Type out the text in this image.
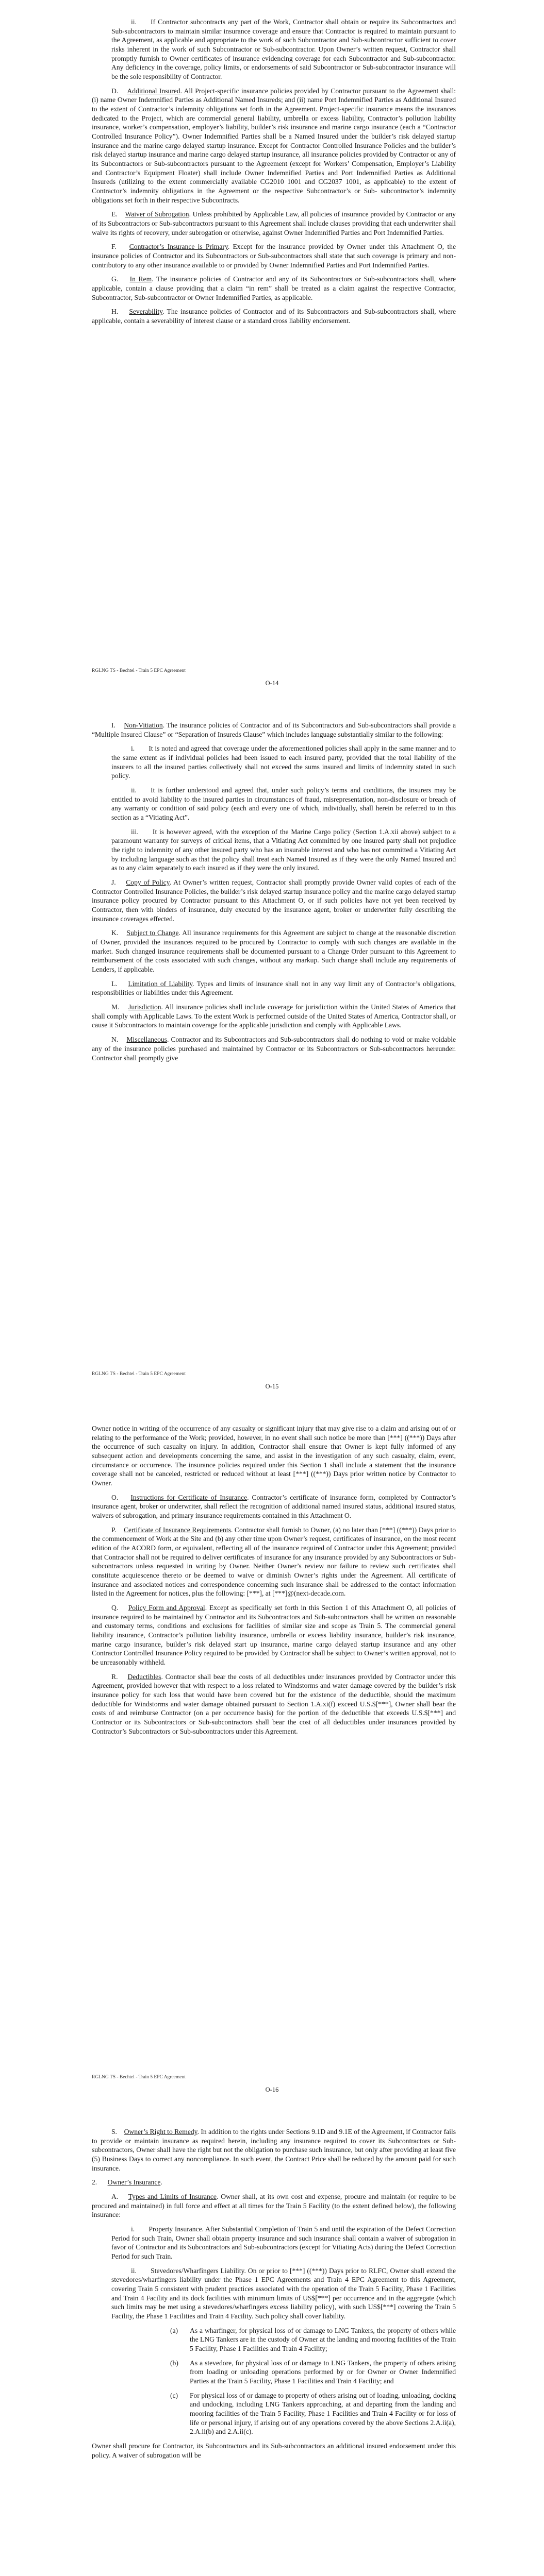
ii.  If Contractor subcontracts any part of the Work, Contractor shall obtain or require its Subcontractors and Sub-subcontractors to maintain similar insurance coverage and ensure that Contractor is required to maintain pursuant to the Agreement, as applicable and appropriate to the work of such Subcontractor and Sub-subcontractor sufficient to cover risks inherent in the work of such Subcontractor or Sub-subcontractor. Upon Owner’s written request, Contractor shall promptly furnish to Owner certificates of insurance evidencing coverage for each Subcontractor and Sub-subcontractor. Any deficiency in the coverage, policy limits, or endorsements of said Subcontractor or Sub-subcontractor insurance will be the sole responsibility of Contractor.
D. Additional Insured. All Project-specific insurance policies provided by Contractor pursuant to the Agreement shall: (i) name Owner Indemnified Parties as Additional Named Insureds; and (ii) name Port Indemnified Parties as Additional Insured to the extent of Contractor’s indemnity obligations set forth in the Agreement. Project-specific insurance means the insurances dedicated to the Project, which are commercial general liability, umbrella or excess liability, Contractor’s pollution liability insurance, worker’s compensation, employer’s liability, builder’s risk insurance and marine cargo insurance (each a “Contractor Controlled Insurance Policy”). Owner Indemnified Parties shall be a Named Insured under the builder’s risk delayed startup insurance and the marine cargo delayed startup insurance. Except for Contractor Controlled Insurance Policies and the builder’s risk delayed startup insurance and marine cargo delayed startup insurance, all insurance policies provided by Contractor or any of its Subcontractors or Sub-subcontractors pursuant to the Agreement (except for Workers’ Compensation, Employer’s Liability and Contractor’s Equipment Floater) shall include Owner Indemnified Parties and Port Indemnified Parties as Additional Insureds (utilizing to the extent commercially available CG2010 1001 and CG2037 1001, as applicable) to the extent of Contractor’s indemnity obligations in the Agreement or the respective Subcontractor’s or Sub- subcontractor’s indemnity obligations set forth in their respective Subcontracts.
E. Waiver of Subrogation. Unless prohibited by Applicable Law, all policies of insurance provided by Contractor or any of its Subcontractors or Sub-subcontractors pursuant to this Agreement shall include clauses providing that each underwriter shall waive its rights of recovery, under subrogation or otherwise, against Owner Indemnified Parties and Port Indemnified Parties.
F. Contractor’s Insurance is Primary. Except for the insurance provided by Owner under this Attachment O, the insurance policies of Contractor and its Subcontractors or Sub-subcontractors shall state that such coverage is primary and non-contributory to any other insurance available to or provided by Owner Indemnified Parties and Port Indemnified Parties.
G. In Rem. The insurance policies of Contractor and any of its Subcontractors or Sub-subcontractors shall, where applicable, contain a clause providing that a claim “in rem” shall be treated as a claim against the respective Contractor, Subcontractor, Sub-subcontractor or Owner Indemnified Parties, as applicable.
H. Severability. The insurance policies of Contractor and of its Subcontractors and Sub-subcontractors shall, where applicable, contain a severability of interest clause or a standard cross liability endorsement.
RGLNG TS - Bechtel - Train 5 EPC Agreement
O-14
I. Non-Vitiation. The insurance policies of Contractor and of its Subcontractors and Sub-subcontractors shall provide a “Multiple Insured Clause” or “Separation of Insureds Clause” which includes language substantially similar to the following:
i.  It is noted and agreed that coverage under the aforementioned policies shall apply in the same manner and to the same extent as if individual policies had been issued to each insured party, provided that the total liability of the insurers to all the insured parties collectively shall not exceed the sums insured and limits of indemnity stated in such policy.
ii.  It is further understood and agreed that, under such policy’s terms and conditions, the insurers may be entitled to avoid liability to the insured parties in circumstances of fraud, misrepresentation, non-disclosure or breach of any warranty or condition of said policy (each and every one of which, individually, shall herein be referred to in this section as a “Vitiating Act”.
iii.  It is however agreed, with the exception of the Marine Cargo policy (Section 1.A.xii above) subject to a paramount warranty for surveys of critical items, that a Vitiating Act committed by one insured party shall not prejudice the right to indemnity of any other insured party who has an insurable interest and who has not committed a Vitiating Act by including language such as that the policy shall treat each Named Insured as if they were the only Named Insured and as to any claim separately to each insured as if they were the only insured.
J. Copy of Policy. At Owner’s written request, Contractor shall promptly provide Owner valid copies of each of the Contractor Controlled Insurance Policies, the builder’s risk delayed startup insurance policy and the marine cargo delayed startup insurance policy procured by Contractor pursuant to this Attachment O, or if such policies have not yet been received by Contractor, then with binders of insurance, duly executed by the insurance agent, broker or underwriter fully describing the insurance coverages effected.
K. Subject to Change. All insurance requirements for this Agreement are subject to change at the reasonable discretion of Owner, provided the insurances required to be procured by Contractor to comply with such changes are available in the market. Such changed insurance requirements shall be documented pursuant to a Change Order pursuant to this Agreement to reimbursement of the costs associated with such changes, without any markup. Such change shall include any requirements of Lenders, if applicable.
L. Limitation of Liability. Types and limits of insurance shall not in any way limit any of Contractor’s obligations, responsibilities or liabilities under this Agreement.
M. Jurisdiction. All insurance policies shall include coverage for jurisdiction within the United States of America that shall comply with Applicable Laws. To the extent Work is performed outside of the United States of America, Contractor shall, or cause it Subcontractors to maintain coverage for the applicable jurisdiction and comply with Applicable Laws.
N. Miscellaneous. Contractor and its Subcontractors and Sub-subcontractors shall do nothing to void or make voidable any of the insurance policies purchased and maintained by Contractor or its Subcontractors or Sub-subcontractors hereunder. Contractor shall promptly give
RGLNG TS - Bechtel - Train 5 EPC Agreement
O-15
Owner notice in writing of the occurrence of any casualty or significant injury that may give rise to a claim and arising out of or relating to the performance of the Work; provided, however, in no event shall such notice be more than [***] ((***)) Days after the occurrence of such casualty on injury. In addition, Contractor shall ensure that Owner is kept fully informed of any subsequent action and developments concerning the same, and assist in the investigation of any such casualty, claim, event, circumstance or occurrence. The insurance policies required under this Section 1 shall include a statement that the insurance coverage shall not be canceled, restricted or reduced without at least [***] ((***)) Days prior written notice by Contractor to Owner.
O. Instructions for Certificate of Insurance. Contractor’s certificate of insurance form, completed by Contractor’s insurance agent, broker or underwriter, shall reflect the recognition of additional named insured status, additional insured status, waivers of subrogation, and primary insurance requirements contained in this Attachment O.
P. Certificate of Insurance Requirements. Contractor shall furnish to Owner, (a) no later than [***] ((***)) Days prior to the commencement of Work at the Site and (b) any other time upon Owner’s request, certificates of insurance, on the most recent edition of the ACORD form, or equivalent, reflecting all of the insurance required of Contractor under this Agreement; provided that Contractor shall not be required to deliver certificates of insurance for any insurance provided by any Subcontractors or Sub-subcontractors unless requested in writing by Owner. Neither Owner’s review nor failure to review such certificates shall constitute acquiescence thereto or be deemed to waive or diminish Owner’s rights under the Agreement. All certificate of insurance and associated notices and correspondence concerning such insurance shall be addressed to the contact information listed in the Agreement for notices, plus the following: [***], at [***]@(next-decade.com.
Q. Policy Form and Approval. Except as specifically set forth in this Section 1 of this Attachment O, all policies of insurance required to be maintained by Contractor and its Subcontractors and Sub-subcontractors shall be written on reasonable and customary terms, conditions and exclusions for facilities of similar size and scope as Train 5. The commercial general liability insurance, Contractor’s pollution liability insurance, umbrella or excess liability insurance, builder’s risk insurance, marine cargo insurance, builder’s risk delayed start up insurance, marine cargo delayed startup insurance and any other Contractor Controlled Insurance Policy required to be provided by Contractor shall be subject to Owner’s written approval, not to be unreasonably withheld.
R. Deductibles. Contractor shall bear the costs of all deductibles under insurances provided by Contractor under this Agreement, provided however that with respect to a loss related to Windstorms and water damage covered by the builder’s risk insurance policy for such loss that would have been covered but for the existence of the deductible, should the maximum deductible for Windstorms and water damage obtained pursuant to Section 1.A.xi(f) exceed U.S.$[***], Owner shall bear the costs of and reimburse Contractor (on a per occurrence basis) for the portion of the deductible that exceeds U.S.$[***] and Contractor or its Subcontractors or Sub-subcontractors shall bear the cost of all deductibles under insurances provided by Contractor’s Subcontractors or Sub-subcontractors under this Agreement.
RGLNG TS - Bechtel - Train 5 EPC Agreement
O-16
S. Owner’s Right to Remedy. In addition to the rights under Sections 9.1D and 9.1E of the Agreement, if Contractor fails to provide or maintain insurance as required herein, including any insurance required to cover its Subcontractors or Sub-subcontractors, Owner shall have the right but not the obligation to purchase such insurance, but only after providing at least five (5) Business Days to correct any noncompliance. In such event, the Contract Price shall be reduced by the amount paid for such insurance.
2. Owner’s Insurance.
A. Types and Limits of Insurance. Owner shall, at its own cost and expense, procure and maintain (or require to be procured and maintained) in full force and effect at all times for the Train 5 Facility (to the extent defined below), the following insurance:
i.  Property Insurance. After Substantial Completion of Train 5 and until the expiration of the Defect Correction Period for such Train, Owner shall obtain property insurance and such insurance shall contain a waiver of subrogation in favor of Contractor and its Subcontractors and Sub-subcontractors (except for Vitiating Acts) during the Defect Correction Period for such Train.
ii.  Stevedores/Wharfingers Liability. On or prior to [***] ((***)) Days prior to RLFC, Owner shall extend the stevedores/wharfingers liability under the Phase 1 EPC Agreements and Train 4 EPC Agreement to this Agreement, covering Train 5 consistent with prudent practices associated with the operation of the Train 5 Facility, Phase 1 Facilities and Train 4 Facility and its dock facilities with minimum limits of US$[***] per occurrence and in the aggregate (which such limits may be met using a stevedores/wharfingers excess liability policy), with such US$[***] covering the Train 5 Facility, the Phase 1 Facilities and Train 4 Facility. Such policy shall cover liability.
(a)	As a wharfinger, for physical loss of or damage to LNG Tankers, the property of others while the LNG Tankers are in the custody of Owner at the landing and mooring facilities of the Train 5 Facility, Phase 1 Facilities and Train 4 Facility;
(b)	As a stevedore, for physical loss of or damage to LNG Tankers, the property of others arising from loading or unloading operations performed by or for Owner or Owner Indemnified Parties at the Train 5 Facility, Phase 1 Facilities and Train 4 Facility; and
(c)	For physical loss of or damage to property of others arising out of loading, unloading, docking and undocking, including LNG Tankers approaching, at and departing from the landing and mooring facilities of the Train 5 Facility, Phase 1 Facilities and Train 4 Facility or for loss of life or personal injury, if arising out of any operations covered by the above Sections 2.A.ii(a), 2.A.ii(b) and 2.A.ii(c).
Owner shall procure for Contractor, its Subcontractors and its Sub-subcontractors an additional insured endorsement under this policy. A waiver of subrogation will be
